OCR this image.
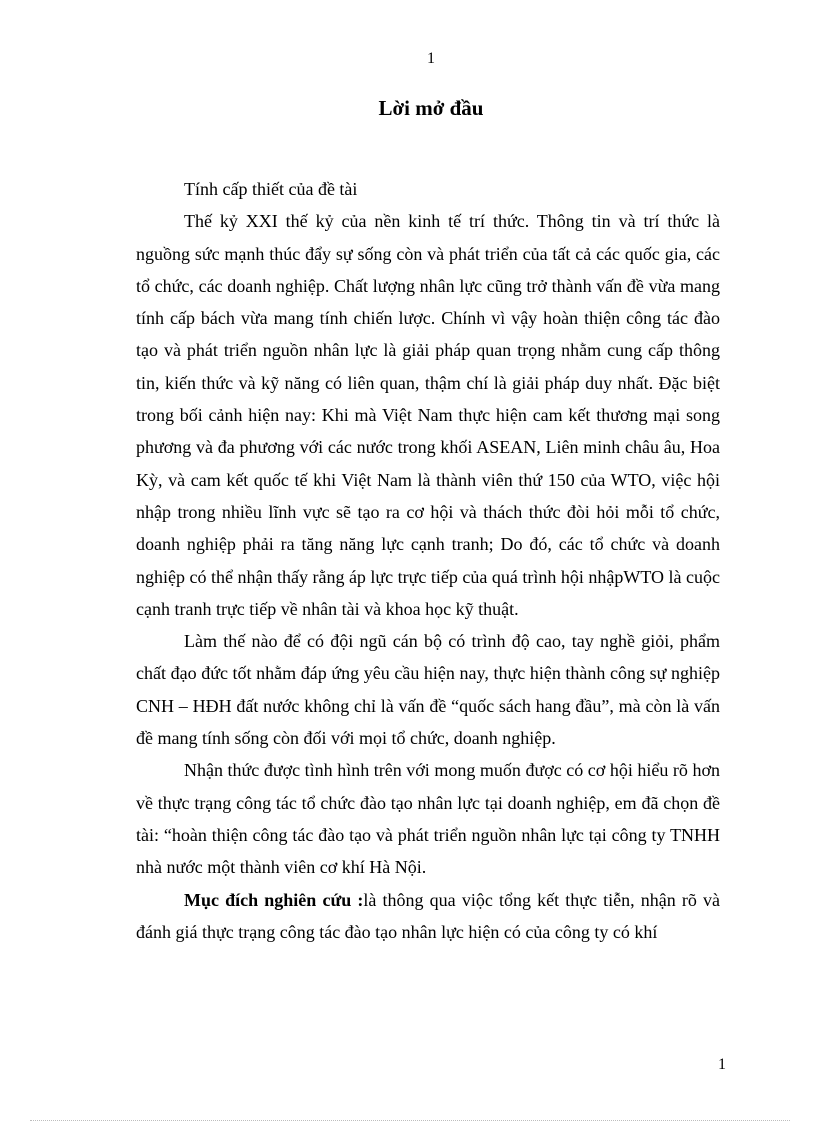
1
Lời mở đầu

Tính cấp thiết của đề tài

Thế kỷ XXI thế kỷ của nền kinh tế trí thức. Thông tin và trí thức là nguồng sức mạnh thúc đẩy sự sống còn và phát triển của tất cả các quốc gia, các tổ chức, các doanh nghiệp. Chất lượng nhân lực cũng trở thành vấn đề vừa mang tính cấp bách vừa mang tính chiến lược. Chính vì vậy hoàn thiện công tác đào tạo và phát triển nguồn nhân lực là giải pháp quan trọng nhằm cung cấp thông tin, kiến thức và kỹ năng có liên quan, thậm chí là giải pháp duy nhất. Đặc biệt trong bối cảnh hiện nay: Khi mà Việt Nam thực hiện cam kết thương mại song phương và đa phương với các nước trong khối ASEAN, Liên minh châu âu, Hoa Kỳ, và cam kết quốc tế khi Việt Nam là thành viên thứ 150 của WTO, việc hội nhập trong nhiều lĩnh vực sẽ tạo ra cơ hội và thách thức đòi hỏi mỗi tổ chức, doanh nghiệp phải ra tăng năng lực cạnh tranh; Do đó, các tổ chức và doanh nghiệp có thể nhận thấy rằng áp lực trực tiếp của quá trình hội nhậpWTO là cuộc cạnh tranh trực tiếp về nhân tài và khoa học kỹ thuật.

Làm thế nào để có đội ngũ cán bộ có trình độ cao, tay nghề giỏi, phẩm chất đạo đức tốt nhằm đáp ứng yêu cầu hiện nay, thực hiện thành công sự nghiệp CNH – HĐH đất nước không chỉ là vấn đề “quốc sách hang đầu”, mà còn là vấn đề mang tính sống còn đối với mọi tổ chức, doanh nghiệp.

Nhận thức được tình hình trên với mong muốn được có cơ hội hiểu rõ hơn về thực trạng công tác tổ chức đào tạo nhân lực tại doanh nghiệp, em đã chọn đề tài: “hoàn thiện công tác đào tạo và phát triển nguồn nhân lực tại công ty TNHH nhà nước một thành viên cơ khí Hà Nội.

Mục đích nghiên cứu :là thông qua viộc tổng kết thực tiễn, nhận rõ và đánh giá thực trạng công tác đào tạo nhân lực hiện có của công ty có khí

1
